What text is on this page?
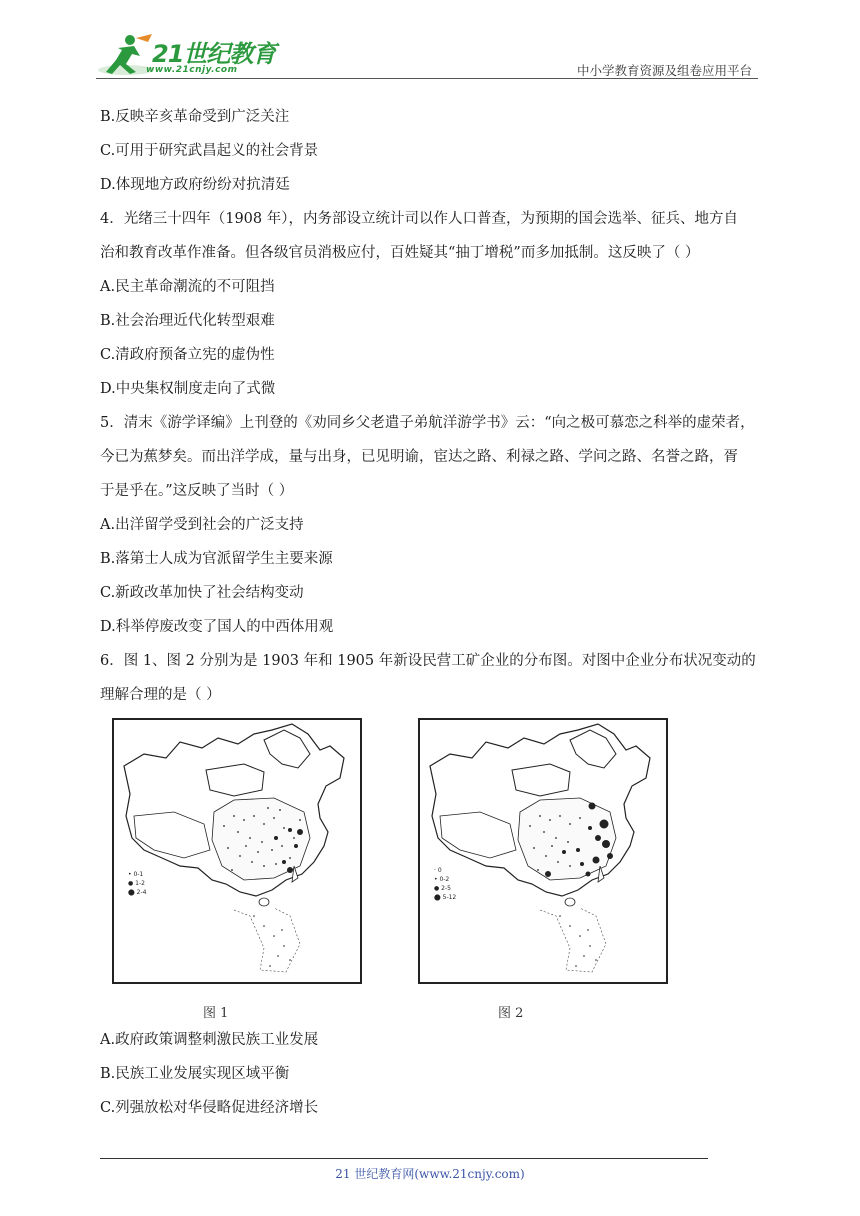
21世纪教育
www.21cnjy.com	中小学教育资源及组卷应用平台
B.反映辛亥革命受到广泛关注
C.可用于研究武昌起义的社会背景
D.体现地方政府纷纷对抗清廷
4．光绪三十四年（1908 年），内务部设立统计司以作人口普查，为预期的国会选举、征兵、地方自
治和教育改革作准备。但各级官员消极应付，百姓疑其“抽丁增税”而多加抵制。这反映了（ ）
A.民主革命潮流的不可阻挡
B.社会治理近代化转型艰难
C.清政府预备立宪的虚伪性
D.中央集权制度走向了式微
5．清末《游学译编》上刊登的《劝同乡父老遣子弟航洋游学书》云：“向之极可慕恋之科举的虚荣者，
今已为蕉梦矣。而出洋学成，量与出身，已见明谕，宦达之路、利禄之路、学问之路、名誉之路，胥
于是乎在。”这反映了当时（ ）
A.出洋留学受到社会的广泛支持
B.落第士人成为官派留学生主要来源
C.新政改革加快了社会结构变动
D.科举停废改变了国人的中西体用观
6．图 1、图 2 分别为是 1903 年和 1905 年新设民营工矿企业的分布图。对图中企业分布状况变动的
理解合理的是（ ）
• 0-1
● 1-2
⬤ 2-4
· 0
• 0-2
● 2-5
⬤ 5-12
图 1	图 2
A.政府政策调整刺激民族工业发展
B.民族工业发展实现区域平衡
C.列强放松对华侵略促进经济增长
21 世纪教育网(www.21cnjy.com)
